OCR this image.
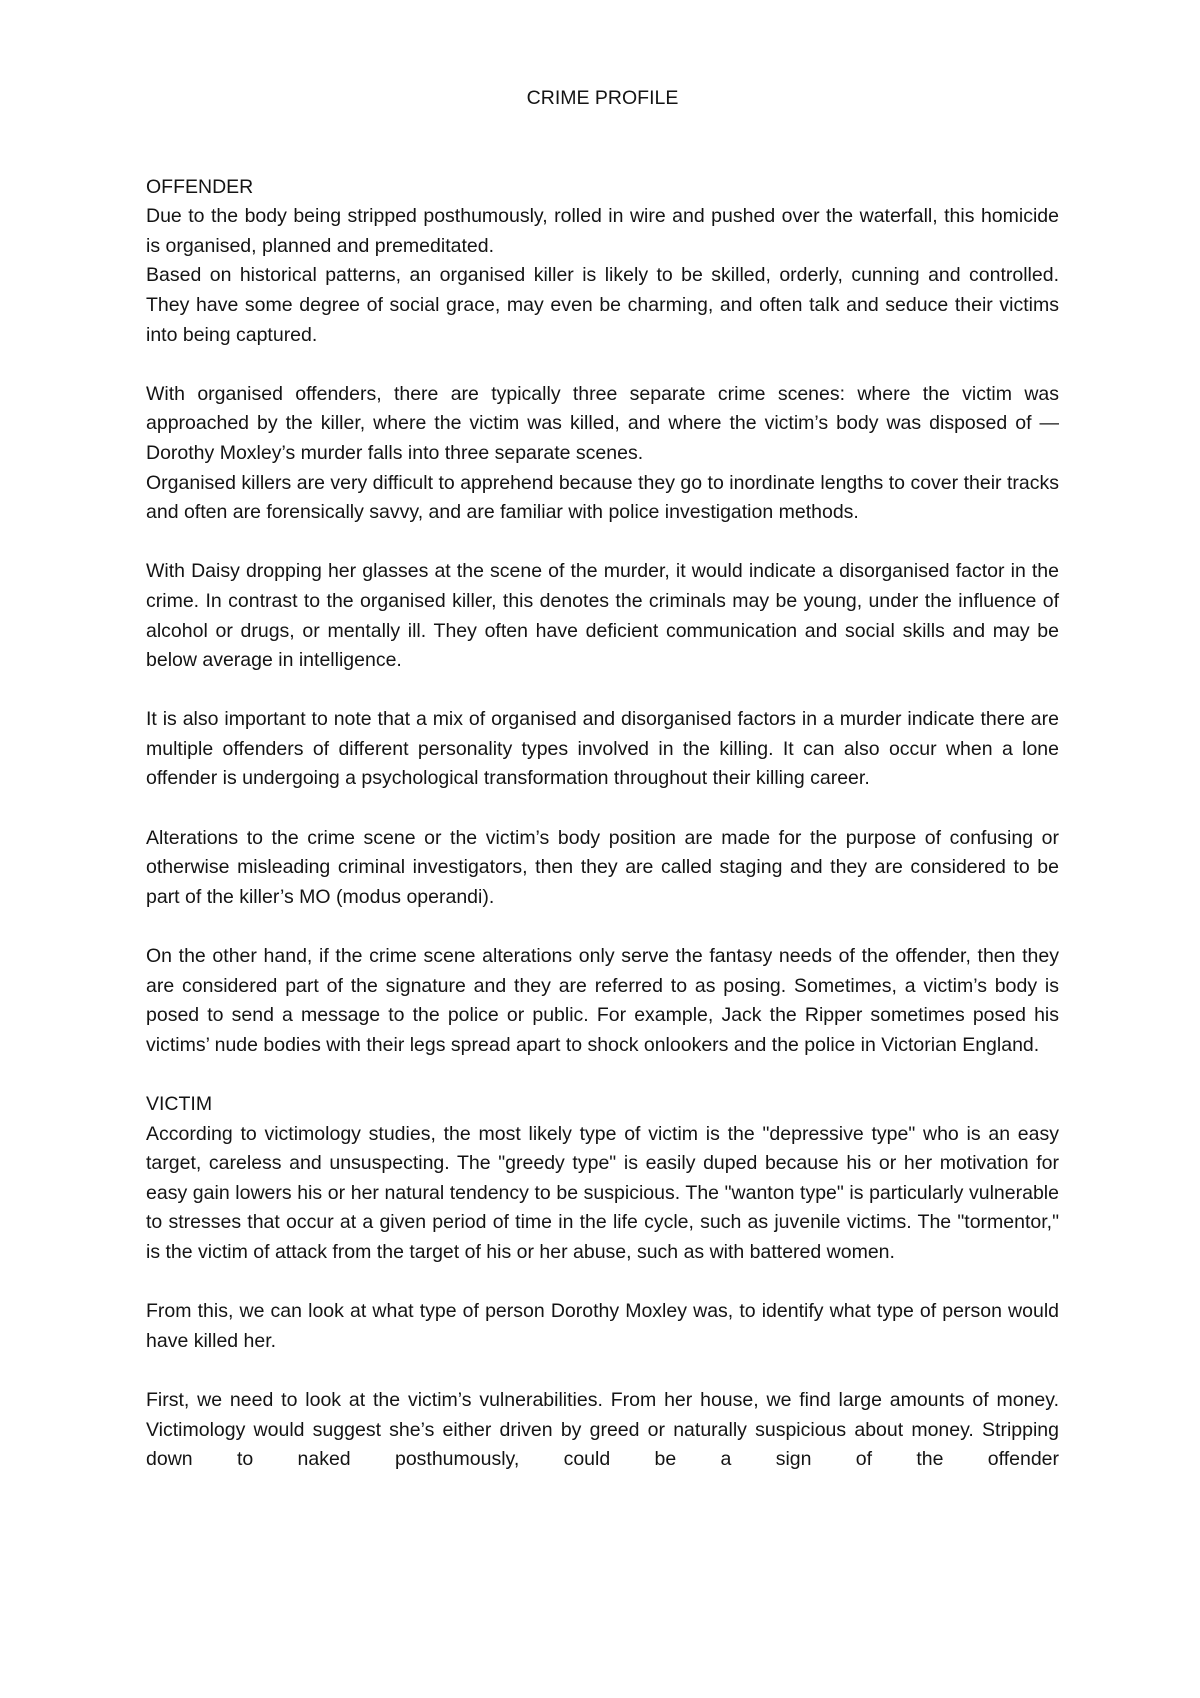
CRIME PROFILE
OFFENDER

Due to the body being stripped posthumously, rolled in wire and pushed over the waterfall, this homicide is organised, planned and premeditated.

Based on historical patterns, an organised killer is likely to be skilled, orderly, cunning and controlled. They have some degree of social grace, may even be charming, and often talk and seduce their victims into being captured.

With organised offenders, there are typically three separate crime scenes: where the victim was approached by the killer, where the victim was killed, and where the victim’s body was disposed of — Dorothy Moxley’s murder falls into three separate scenes.

Organised killers are very difficult to apprehend because they go to inordinate lengths to cover their tracks and often are forensically savvy, and are familiar with police investigation methods.

With Daisy dropping her glasses at the scene of the murder, it would indicate a disorganised factor in the crime. In contrast to the organised killer, this denotes the criminals may be young, under the influence of alcohol or drugs, or mentally ill. They often have deficient communication and social skills and may be below average in intelligence.

It is also important to note that a mix of organised and disorganised factors in a murder indicate there are multiple offenders of different personality types involved in the killing. It can also occur when a lone offender is undergoing a psychological transformation throughout their killing career.

Alterations to the crime scene or the victim’s body position are made for the purpose of confusing or otherwise misleading criminal investigators, then they are called staging and they are considered to be part of the killer’s MO (modus operandi).

On the other hand, if the crime scene alterations only serve the fantasy needs of the offender, then they are considered part of the signature and they are referred to as posing. Sometimes, a victim’s body is posed to send a message to the police or public. For example, Jack the Ripper sometimes posed his victims’ nude bodies with their legs spread apart to shock onlookers and the police in Victorian England.

VICTIM

According to victimology studies, the most likely type of victim is the "depressive type" who is an easy target, careless and unsuspecting. The "greedy type" is easily duped because his or her motivation for easy gain lowers his or her natural tendency to be suspicious. The "wanton type" is particularly vulnerable to stresses that occur at a given period of time in the life cycle, such as juvenile victims. The "tormentor," is the victim of attack from the target of his or her abuse, such as with battered women.

From this, we can look at what type of person Dorothy Moxley was, to identify what type of person would have killed her.

First, we need to look at the victim’s vulnerabilities. From her house, we find large amounts of money. Victimology would suggest she’s either driven by greed or naturally suspicious about money. Stripping down to naked posthumously, could be a sign of the offender
